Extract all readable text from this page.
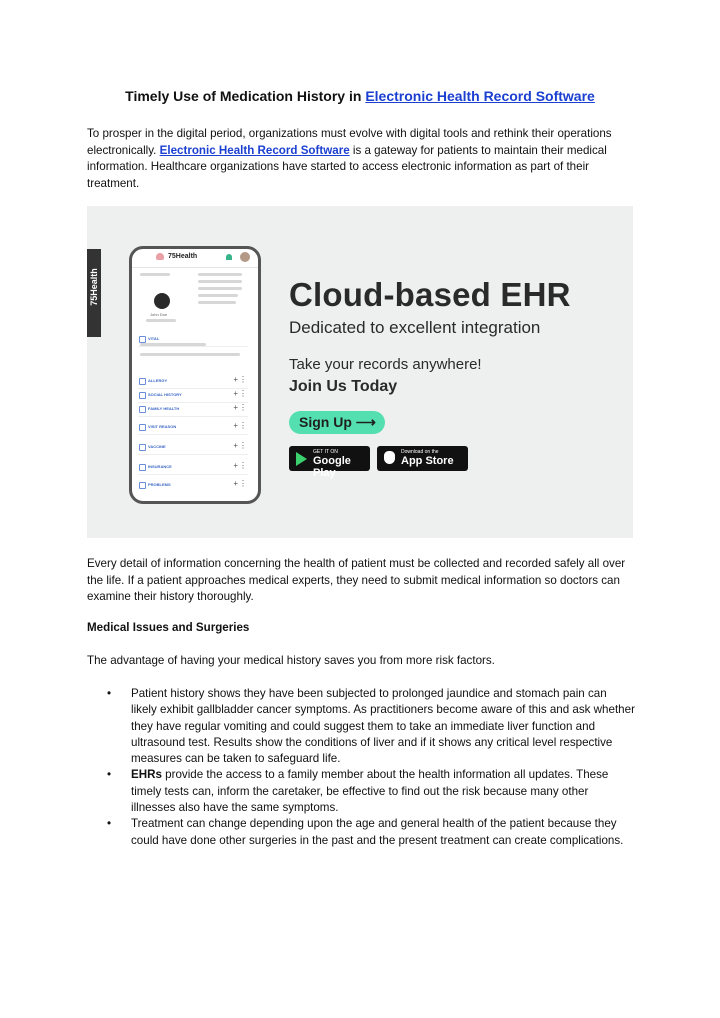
Timely Use of Medication History in Electronic Health Record Software
To prosper in the digital period, organizations must evolve with digital tools and rethink their operations electronically. Electronic Health Record Software is a gateway for patients to maintain their medical information. Healthcare organizations have started to access electronic information as part of their treatment.
75Health
75Health
John Doe
VITAL
ALLERGY	+ ⋮
SOCIAL HISTORY	+ ⋮
FAMILY HEALTH	+ ⋮
VISIT REASON	+ ⋮
VACCINE	+ ⋮
INSURANCE	+ ⋮
PROBLEMS	+ ⋮
Cloud-based EHR
Dedicated to excellent integration
Take your records anywhere!
Join Us Today
Sign Up ⟶
GET IT ON
Google Play
Download on the
App Store
Every detail of information concerning the health of patient must be collected and recorded safely all over the life. If a patient approaches medical experts, they need to submit medical information so doctors can examine their history thoroughly.
Medical Issues and Surgeries
The advantage of having your medical history saves you from more risk factors.
• Patient history shows they have been subjected to prolonged jaundice and stomach pain can likely exhibit gallbladder cancer symptoms. As practitioners become aware of this and ask whether they have regular vomiting and could suggest them to take an immediate liver function and ultrasound test. Results show the conditions of liver and if it shows any critical level respective measures can be taken to safeguard life.
• EHRs provide the access to a family member about the health information all updates. These timely tests can, inform the caretaker, be effective to find out the risk because many other illnesses also have the same symptoms.
• Treatment can change depending upon the age and general health of the patient because they could have done other surgeries in the past and the present treatment can create complications.
